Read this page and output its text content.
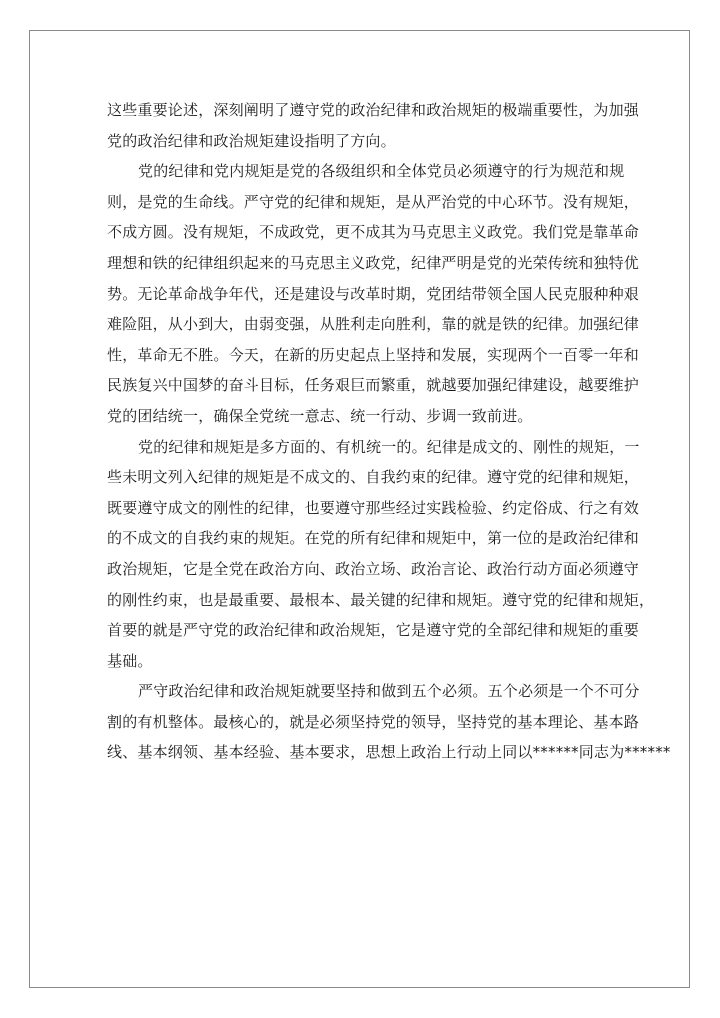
这些重要论述，深刻阐明了遵守党的政治纪律和政治规矩的极端重要性，为加强
党的政治纪律和政治规矩建设指明了方向。

党的纪律和党内规矩是党的各级组织和全体党员必须遵守的行为规范和规
则，是党的生命线。严守党的纪律和规矩，是从严治党的中心环节。没有规矩，
不成方圆。没有规矩，不成政党，更不成其为马克思主义政党。我们党是靠革命
理想和铁的纪律组织起来的马克思主义政党，纪律严明是党的光荣传统和独特优
势。无论革命战争年代，还是建设与改革时期，党团结带领全国人民克服种种艰
难险阻，从小到大，由弱变强，从胜利走向胜利，靠的就是铁的纪律。加强纪律
性，革命无不胜。今天，在新的历史起点上坚持和发展，实现两个一百零一年和
民族复兴中国梦的奋斗目标，任务艰巨而繁重，就越要加强纪律建设，越要维护
党的团结统一，确保全党统一意志、统一行动、步调一致前进。

党的纪律和规矩是多方面的、有机统一的。纪律是成文的、刚性的规矩，一
些未明文列入纪律的规矩是不成文的、自我约束的纪律。遵守党的纪律和规矩，
既要遵守成文的刚性的纪律，也要遵守那些经过实践检验、约定俗成、行之有效
的不成文的自我约束的规矩。在党的所有纪律和规矩中，第一位的是政治纪律和
政治规矩，它是全党在政治方向、政治立场、政治言论、政治行动方面必须遵守
的刚性约束，也是最重要、最根本、最关键的纪律和规矩。遵守党的纪律和规矩，
首要的就是严守党的政治纪律和政治规矩，它是遵守党的全部纪律和规矩的重要
基础。

严守政治纪律和政治规矩就要坚持和做到五个必须。五个必须是一个不可分
割的有机整体。最核心的，就是必须坚持党的领导，坚持党的基本理论、基本路
线、基本纲领、基本经验、基本要求，思想上政治上行动上同以******同志为******
